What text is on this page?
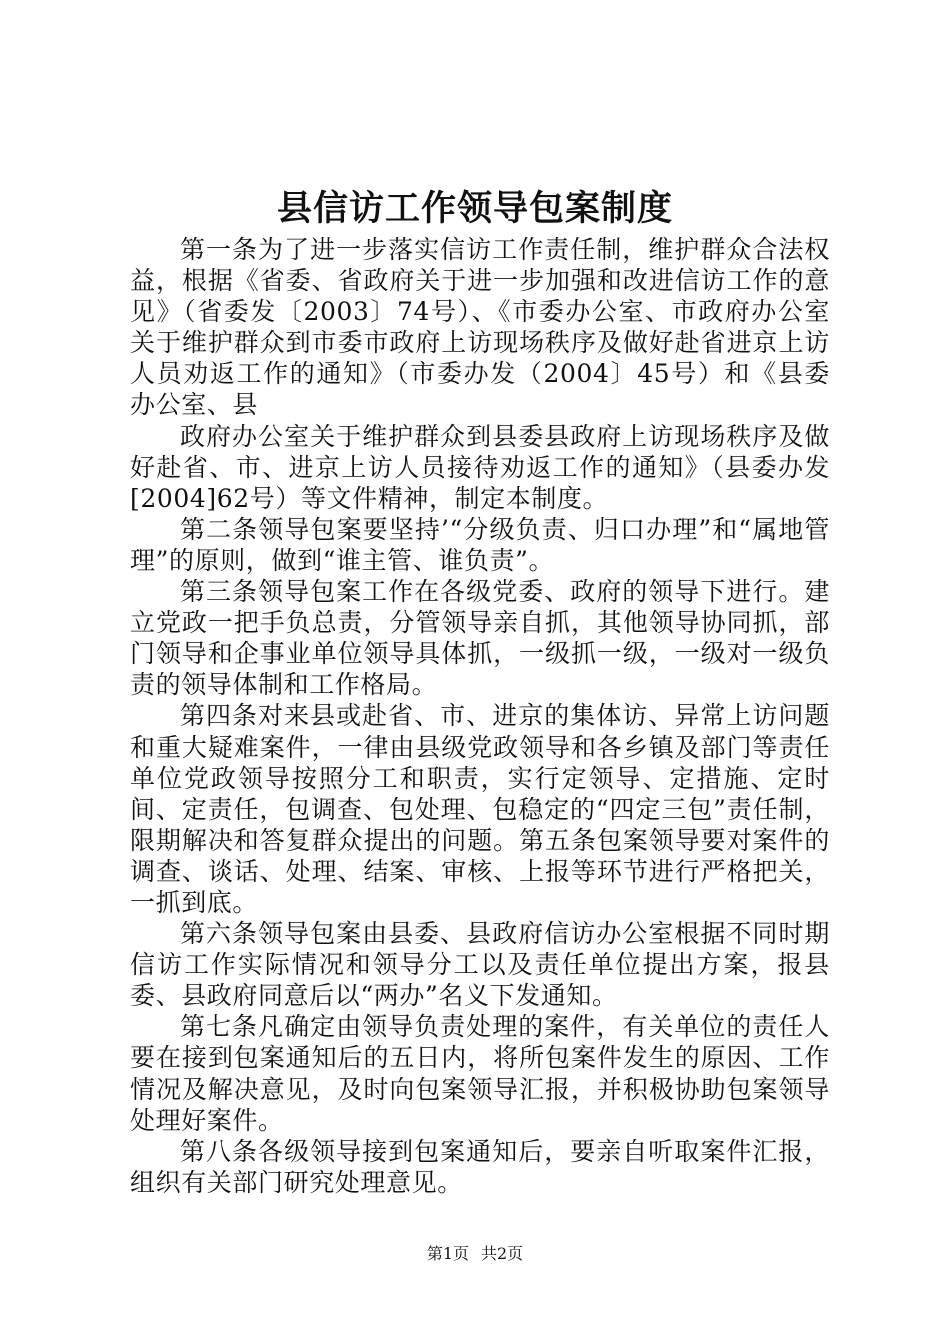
县信访工作领导包案制度

第一条为了进一步落实信访工作责任制，维护群众合法权益，根据《省委、省政府关于进一步加强和改进信访工作的意见》（省委发〔2003〕74号）、《市委办公室、市政府办公室关于维护群众到市委市政府上访现场秩序及做好赴省进京上访人员劝返工作的通知》（市委办发（2004〕45号）和《县委办公室、县

政府办公室关于维护群众到县委县政府上访现场秩序及做好赴省、市、进京上访人员接待劝返工作的通知》（县委办发[2004]62号）等文件精神，制定本制度。

第二条领导包案要坚持’“分级负责、归口办理”和“属地管理”的原则，做到“谁主管、谁负责”。

第三条领导包案工作在各级党委、政府的领导下进行。建立党政一把手负总责，分管领导亲自抓，其他领导协同抓，部门领导和企事业单位领导具体抓，一级抓一级，一级对一级负责的领导体制和工作格局。

第四条对来县或赴省、市、进京的集体访、异常上访问题和重大疑难案件，一律由县级党政领导和各乡镇及部门等责任单位党政领导按照分工和职责，实行定领导、定措施、定时间、定责任，包调查、包处理、包稳定的“四定三包”责任制，限期解决和答复群众提出的问题。第五条包案领导要对案件的调查、谈话、处理、结案、审核、上报等环节进行严格把关，一抓到底。

第六条领导包案由县委、县政府信访办公室根据不同时期信访工作实际情况和领导分工以及责任单位提出方案，报县委、县政府同意后以“两办”名义下发通知。

第七条凡确定由领导负责处理的案件，有关单位的责任人要在接到包案通知后的五日内，将所包案件发生的原因、工作情况及解决意见，及时向包案领导汇报，并积极协助包案领导处理好案件。

第八条各级领导接到包案通知后，要亲自听取案件汇报，组织有关部门研究处理意见。

第1页 共2页
